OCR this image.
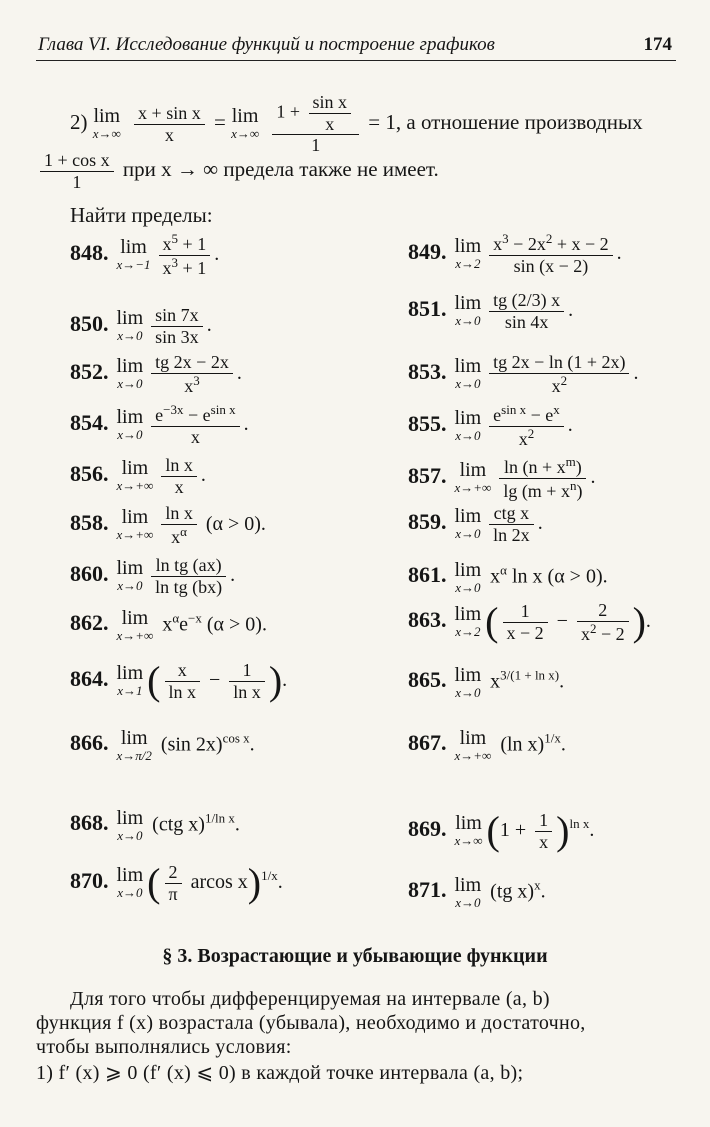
Глава VI. Исследование функций и построение графиков	174
2) lim
x→∞
$\frac{\text{x + sin x}}{x} = \lim$
x→∞
$\frac{1 + \frac{\text{sin x}}{x}}{1} = 1$, а отношение производных
$\frac{\text{1 + cos x}}{1}$ при x → ∞ предела также не имеет.
Найти пределы:
848. lim
$x\to-1 \frac{x^5 + 1}{x^3 + 1}$ .
850. lim
$x\to 0 \frac{\sin 7x}{\sin 3x}$ .
852. lim
$x\to 0 \frac{tg 2x - 2x}{x^3}$ .
854. lim
$x\to 0 \frac{e^{-3x} - e^{sin x}}{x}$ .
856. lim
$x\to+\infty \frac{\text{ln x}}{x}$ .
858. lim
$x\to+\infty \frac{\text{ln x}}{x^\alpha} (\alpha > 0)$.
860. lim
$x\to 0 \frac{\text{ln tg (ax)}}{\text{ln tg (bx)}}$ .
862. lim
x→+∞
$x^\alpha e^{-x}$ (α > 0).
864. lim
x→1 ( $\frac{x}{\text{ln x}} - \frac{1}{\text{ln x}}$ ).
866. lim
x→π/2
(sin 2x)$^{cos x}$.
868. lim
x→0
(ctg x)$^{1/ln x}$.
870. lim
x→0 ( $\frac{2}{\pi}$ arcos x)$^{1/x}$.
849. lim
$x\to 2 \frac{x^3 - 2x^2 + x - 2}{\sin (x - 2)}$ .
851. lim
$x\to 0 \frac{tg (2/3) x}{\sin 4x}$ .
853. lim
$x\to 0 \frac{tg 2x - \ln (1 + 2x)}{x^2}$ .
855. lim
$x\to 0 \frac{e^{sin x} - e^x}{x^2}$ .
857. lim
$x\to+\infty \frac{\ln (n + x^m)}{\lg (m + x^n)}$ .
859. lim
$x\to 0 \frac{\text{ctg x}}{\ln 2x}$ .
861. lim
x→0
$x^\alpha$ ln x (α > 0).
863. lim
x→2 ( $\frac{1}{x - 2} - \frac{2}{x^2 - 2}$ ).
865. lim
x→0
$x^{3/(1 + ln x)}$.
867. lim
x→+∞
(ln x)$^{1/x}$.
869. lim
x→∞ $(1 + \frac{1}{x} )^{ln x}$.
871. lim
x→0
(tg x)$^x$.
§ 3. Возрастающие и убывающие функции
Для того чтобы дифференцируемая на интервале (a, b)
функция f (x) возрастала (убывала), необходимо и достаточно,
чтобы выполнялись условия:
1) f′ (x) ⩾ 0 (f′ (x) ⩽ 0) в каждой точке интервала (a, b);
